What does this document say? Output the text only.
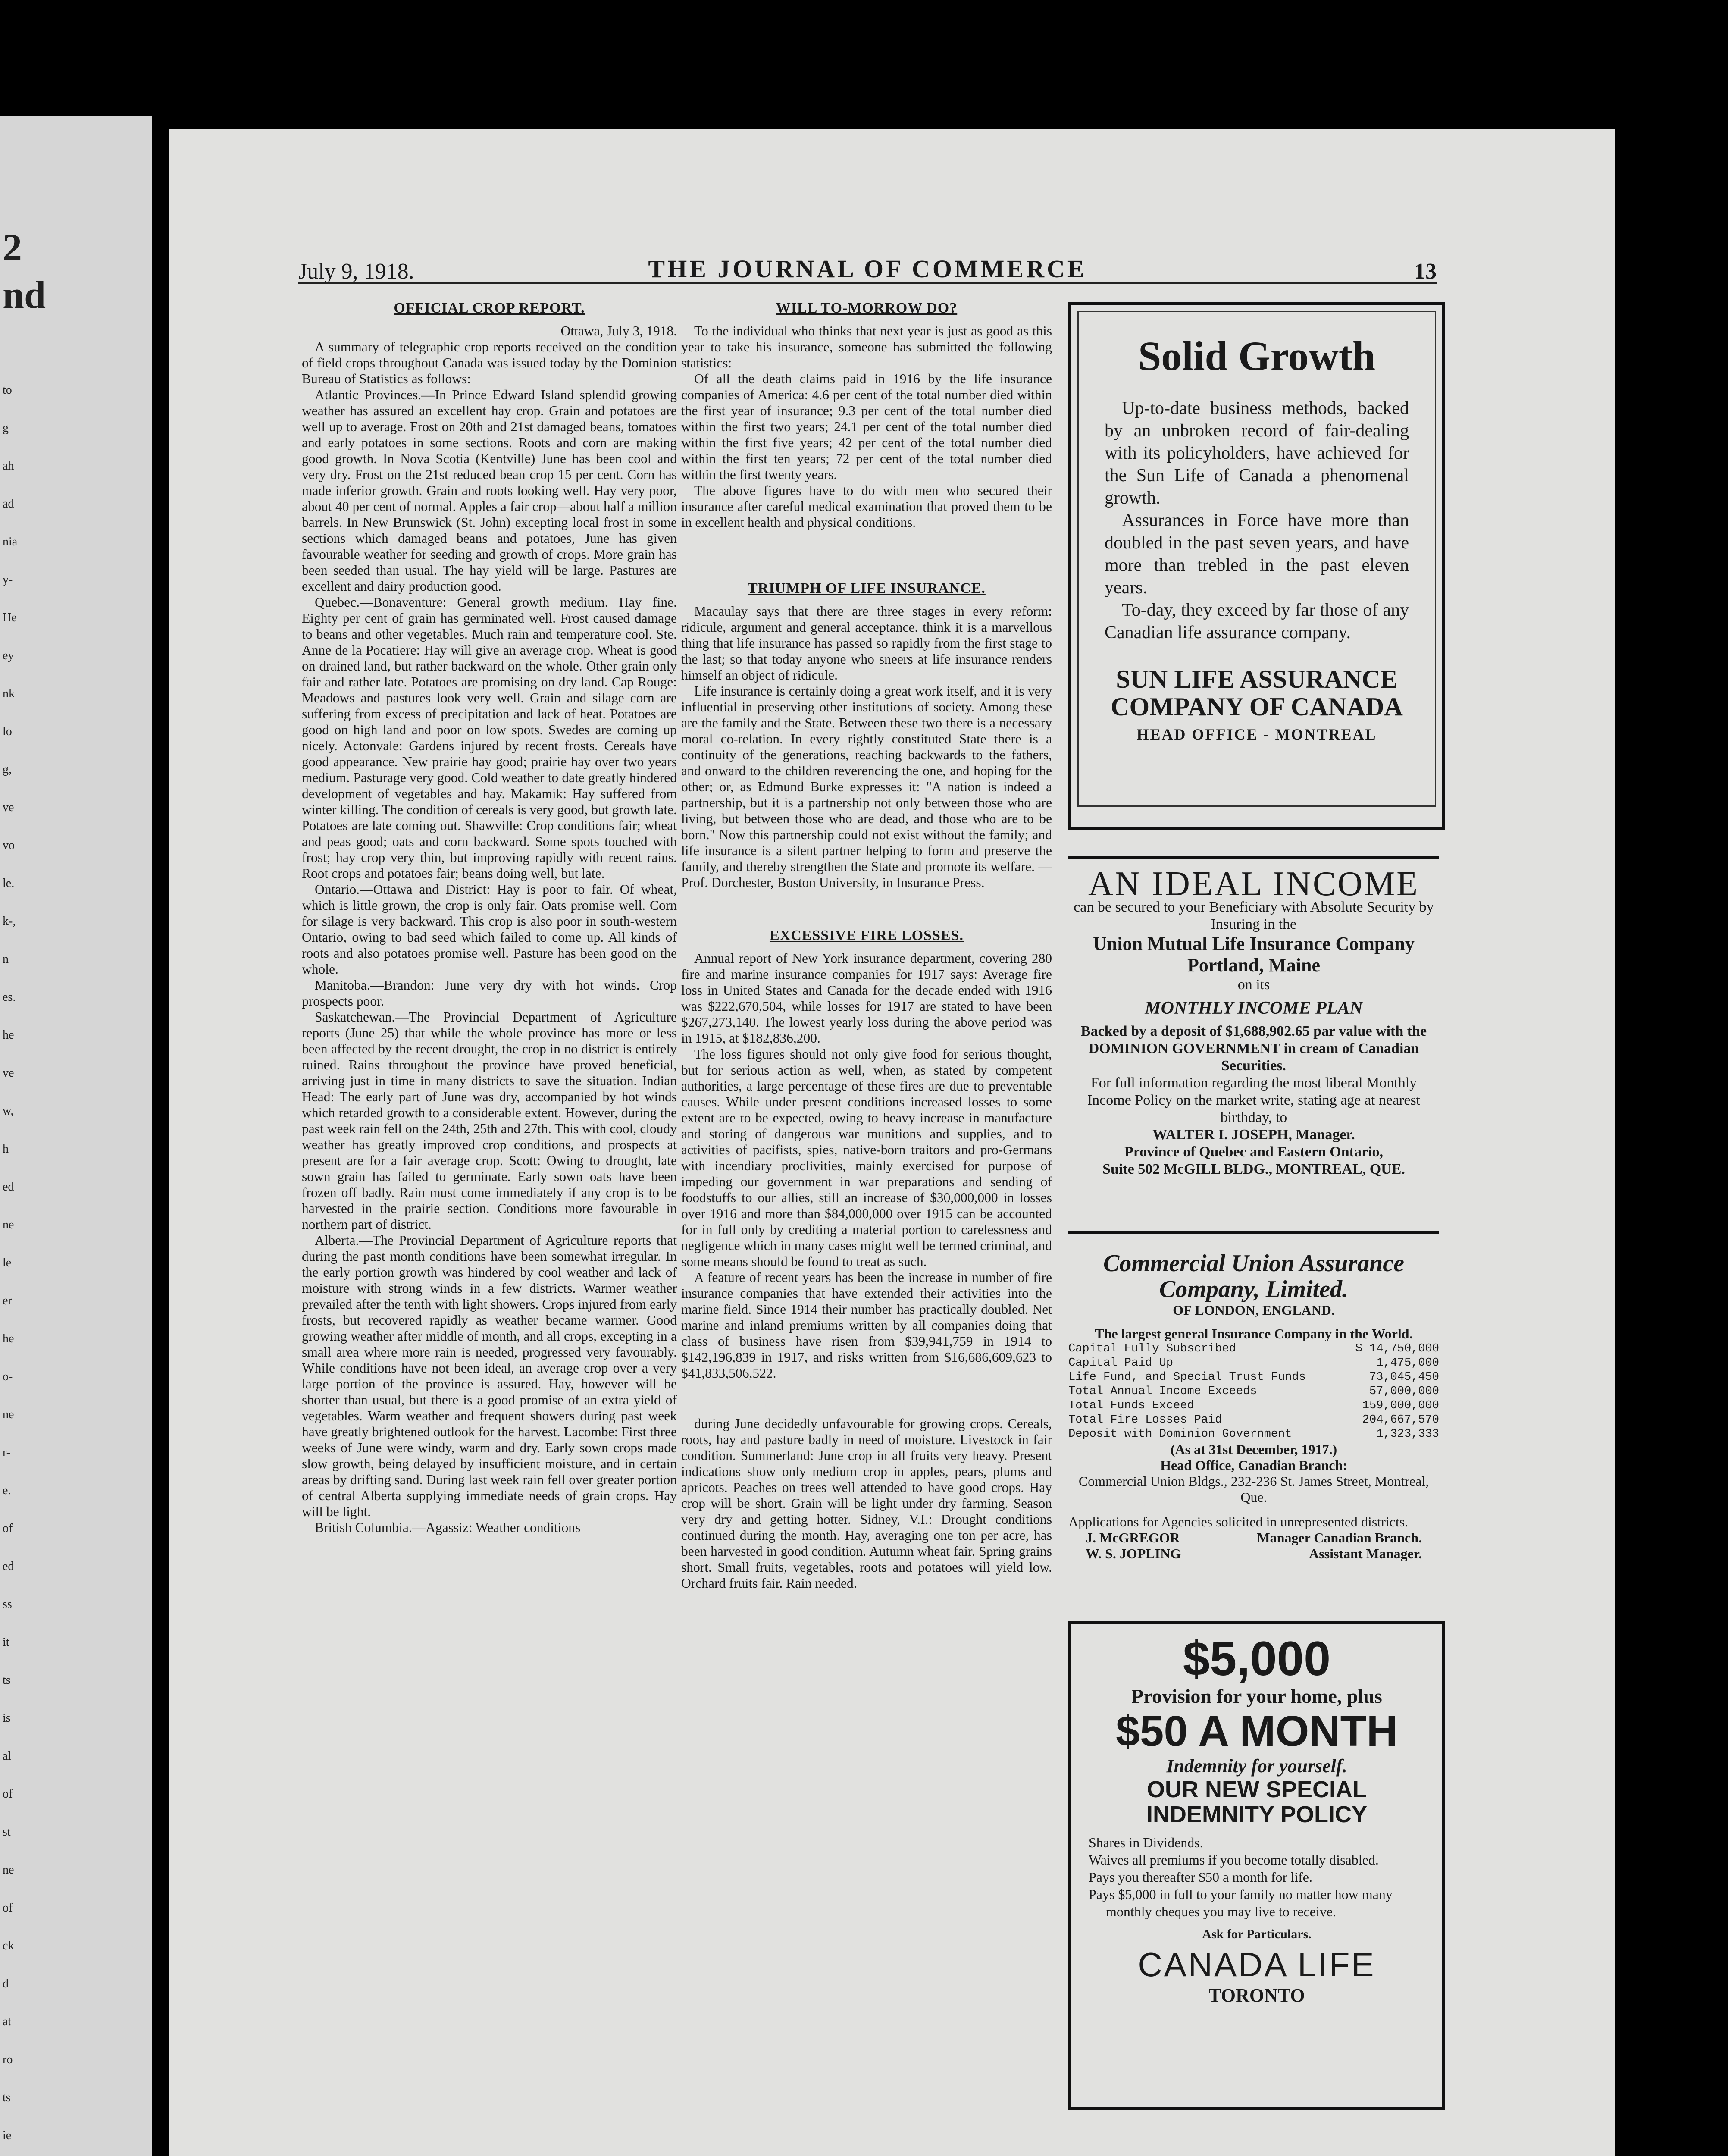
2
nd
to
g
ah
ad
nia
y-
He
ey
nk
lo
g,
ve
vo
le.
k-,
n
es.
he
ve
w,
h
ed
ne
le
er
he
o-
ne
r-
e.
of
ed
ss
it
ts
is
al
of
st
ne
of
ck
d
at
ro
ts
ie
July 9, 1918.	THE JOURNAL OF COMMERCE	13
OFFICIAL CROP REPORT.

Ottawa, July 3, 1918.

A summary of telegraphic crop reports received on the condition of field crops throughout Canada was issued today by the Dominion Bureau of Statistics as follows:

Atlantic Provinces.—In Prince Edward Island splendid growing weather has assured an excellent hay crop. Grain and potatoes are well up to average. Frost on 20th and 21st damaged beans, tomatoes and early potatoes in some sections. Roots and corn are making good growth. In Nova Scotia (Kentville) June has been cool and very dry. Frost on the 21st reduced bean crop 15 per cent. Corn has made inferior growth. Grain and roots looking well. Hay very poor, about 40 per cent of normal. Apples a fair crop—about half a million barrels. In New Brunswick (St. John) excepting local frost in some sections which damaged beans and potatoes, June has given favourable weather for seeding and growth of crops. More grain has been seeded than usual. The hay yield will be large. Pastures are excellent and dairy production good.

Quebec.—Bonaventure: General growth medium. Hay fine. Eighty per cent of grain has germinated well. Frost caused damage to beans and other vegetables. Much rain and temperature cool. Ste. Anne de la Pocatiere: Hay will give an average crop. Wheat is good on drained land, but rather backward on the whole. Other grain only fair and rather late. Potatoes are promising on dry land. Cap Rouge: Meadows and pastures look very well. Grain and silage corn are suffering from excess of precipitation and lack of heat. Potatoes are good on high land and poor on low spots. Swedes are coming up nicely. Actonvale: Gardens injured by recent frosts. Cereals have good appearance. New prairie hay good; prairie hay over two years medium. Pasturage very good. Cold weather to date greatly hindered development of vegetables and hay. Makamik: Hay suffered from winter killing. The condition of cereals is very good, but growth late. Potatoes are late coming out. Shawville: Crop conditions fair; wheat and peas good; oats and corn backward. Some spots touched with frost; hay crop very thin, but improving rapidly with recent rains. Root crops and potatoes fair; beans doing well, but late.

Ontario.—Ottawa and District: Hay is poor to fair. Of wheat, which is little grown, the crop is only fair. Oats promise well. Corn for silage is very backward. This crop is also poor in south-western Ontario, owing to bad seed which failed to come up. All kinds of roots and also potatoes promise well. Pasture has been good on the whole.

Manitoba.—Brandon: June very dry with hot winds. Crop prospects poor.

Saskatchewan.—The Provincial Department of Agriculture reports (June 25) that while the whole province has more or less been affected by the recent drought, the crop in no district is entirely ruined. Rains throughout the province have proved beneficial, arriving just in time in many districts to save the situation. Indian Head: The early part of June was dry, accompanied by hot winds which retarded growth to a considerable extent. However, during the past week rain fell on the 24th, 25th and 27th. This with cool, cloudy weather has greatly improved crop conditions, and prospects at present are for a fair average crop. Scott: Owing to drought, late sown grain has failed to germinate. Early sown oats have been frozen off badly. Rain must come immediately if any crop is to be harvested in the prairie section. Conditions more favourable in northern part of district.

Alberta.—The Provincial Department of Agriculture reports that during the past month conditions have been somewhat irregular. In the early portion growth was hindered by cool weather and lack of moisture with strong winds in a few districts. Warmer weather prevailed after the tenth with light showers. Crops injured from early frosts, but recovered rapidly as weather became warmer. Good growing weather after middle of month, and all crops, excepting in a small area where more rain is needed, progressed very favourably. While conditions have not been ideal, an average crop over a very large portion of the province is assured. Hay, however will be shorter than usual, but there is a good promise of an extra yield of vegetables. Warm weather and frequent showers during past week have greatly brightened outlook for the harvest. Lacombe: First three weeks of June were windy, warm and dry. Early sown crops made slow growth, being delayed by insufficient moisture, and in certain areas by drifting sand. During last week rain fell over greater portion of central Alberta supplying immediate needs of grain crops. Hay will be light.

British Columbia.—Agassiz: Weather conditions

WILL TO-MORROW DO?

To the individual who thinks that next year is just as good as this year to take his insurance, someone has submitted the following statistics:

Of all the death claims paid in 1916 by the life insurance companies of America: 4.6 per cent of the total number died within the first year of insurance; 9.3 per cent of the total number died within the first two years; 24.1 per cent of the total number died within the first five years; 42 per cent of the total number died within the first ten years; 72 per cent of the total number died within the first twenty years.

The above figures have to do with men who secured their insurance after careful medical examination that proved them to be in excellent health and physical conditions.

TRIUMPH OF LIFE INSURANCE.

Macaulay says that there are three stages in every reform: ridicule, argument and general acceptance. think it is a marvellous thing that life insurance has passed so rapidly from the first stage to the last; so that today anyone who sneers at life insurance renders himself an object of ridicule.

Life insurance is certainly doing a great work itself, and it is very influential in preserving other institutions of society. Among these are the family and the State. Between these two there is a necessary moral co-relation. In every rightly constituted State there is a continuity of the generations, reaching backwards to the fathers, and onward to the children reverencing the one, and hoping for the other; or, as Edmund Burke expresses it: "A nation is indeed a partnership, but it is a partnership not only between those who are living, but between those who are dead, and those who are to be born." Now this partnership could not exist without the family; and life insurance is a silent partner helping to form and preserve the family, and thereby strengthen the State and promote its welfare. — Prof. Dorchester, Boston University, in Insurance Press.

EXCESSIVE FIRE LOSSES.

Annual report of New York insurance department, covering 280 fire and marine insurance companies for 1917 says: Average fire loss in United States and Canada for the decade ended with 1916 was $222,670,504, while losses for 1917 are stated to have been $267,273,140. The lowest yearly loss during the above period was in 1915, at $182,836,200.

The loss figures should not only give food for serious thought, but for serious action as well, when, as stated by competent authorities, a large percentage of these fires are due to preventable causes. While under present conditions increased losses to some extent are to be expected, owing to heavy increase in manufacture and storing of dangerous war munitions and supplies, and to activities of pacifists, spies, native-born traitors and pro-Germans with incendiary proclivities, mainly exercised for purpose of impeding our government in war preparations and sending of foodstuffs to our allies, still an increase of $30,000,000 in losses over 1916 and more than $84,000,000 over 1915 can be accounted for in full only by crediting a material portion to carelessness and negligence which in many cases might well be termed criminal, and some means should be found to treat as such.

A feature of recent years has been the increase in number of fire insurance companies that have extended their activities into the marine field. Since 1914 their number has practically doubled. Net marine and inland premiums written by all companies doing that class of business have risen from $39,941,759 in 1914 to $142,196,839 in 1917, and risks written from $16,686,609,623 to $41,833,506,522.

during June decidedly unfavourable for growing crops. Cereals, roots, hay and pasture badly in need of moisture. Livestock in fair condition. Summerland: June crop in all fruits very heavy. Present indications show only medium crop in apples, pears, plums and apricots. Peaches on trees well attended to have good crops. Hay crop will be short. Grain will be light under dry farming. Season very dry and getting hotter. Sidney, V.I.: Drought conditions continued during the month. Hay, averaging one ton per acre, has been harvested in good condition. Autumn wheat fair. Spring grains short. Small fruits, vegetables, roots and potatoes will yield low. Orchard fruits fair. Rain needed.

Solid Growth

Up-to-date business methods, backed by an unbroken record of fair-dealing with its policyholders, have achieved for the Sun Life of Canada a phenomenal growth.

Assurances in Force have more than doubled in the past seven years, and have more than trebled in the past eleven years.

To-day, they exceed by far those of any Canadian life assurance company.

SUN LIFE ASSURANCE
COMPANY OF CANADA
HEAD OFFICE - MONTREAL
AN IDEAL INCOME
can be secured to your Beneficiary with Absolute Security by Insuring in the
Union Mutual Life Insurance Company
Portland, Maine
on its
MONTHLY INCOME PLAN
Backed by a deposit of $1,688,902.65 par value with the DOMINION GOVERNMENT in cream of Canadian Securities.
For full information regarding the most liberal Monthly Income Policy on the market write, stating age at nearest birthday, to
WALTER I. JOSEPH, Manager.
Province of Quebec and Eastern Ontario,
Suite 502 McGILL BLDG., MONTREAL, QUE.
Commercial Union Assurance
Company, Limited.
OF LONDON, ENGLAND.
The largest general Insurance Company in the World.
Capital Fully Subscribed	$ 14,750,000
Capital Paid Up	1,475,000
Life Fund, and Special Trust Funds	73,045,450
Total Annual Income Exceeds	57,000,000
Total Funds Exceed	159,000,000
Total Fire Losses Paid	204,667,570
Deposit with Dominion Government	1,323,333
(As at 31st December, 1917.)
Head Office, Canadian Branch:
Commercial Union Bldgs., 232-236 St. James Street, Montreal, Que.
Applications for Agencies solicited in unrepresented districts.
J. McGREGOR	Manager Canadian Branch.
W. S. JOPLING	Assistant Manager.
$5,000
Provision for your home, plus
$50 A MONTH
Indemnity for yourself.
OUR NEW SPECIAL INDEMNITY POLICY
Shares in Dividends.
Waives all premiums if you become totally disabled.
Pays you thereafter $50 a month for life.
Pays $5,000 in full to your family no matter how many monthly cheques you may live to receive.
Ask for Particulars.
CANADA LIFE
TORONTO
